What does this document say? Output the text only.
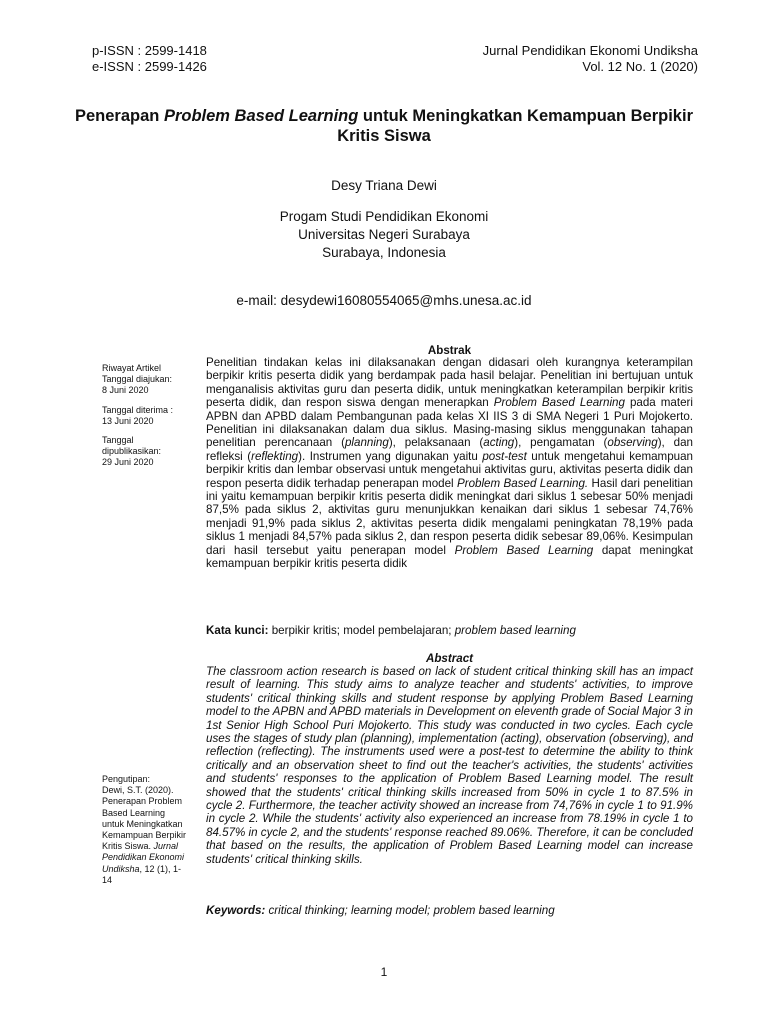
p-ISSN : 2599-1418
e-ISSN : 2599-1426
Jurnal Pendidikan Ekonomi Undiksha
Vol. 12 No. 1 (2020)
Penerapan Problem Based Learning untuk Meningkatkan Kemampuan Berpikir Kritis Siswa
Desy Triana Dewi
Progam Studi Pendidikan Ekonomi
Universitas Negeri Surabaya
Surabaya, Indonesia
e-mail: desydewi16080554065@mhs.unesa.ac.id
Riwayat Artikel
Tanggal diajukan:
8 Juni 2020
Tanggal diterima :
13 Juni 2020
Tanggal dipublikasikan:
29 Juni 2020
Pengutipan:
Dewi, S.T. (2020). Penerapan Problem Based Learning untuk Meningkatkan Kemampuan Berpikir Kritis Siswa. Jurnal Pendidikan Ekonomi Undiksha, 12 (1), 1-14
Abstrak
Penelitian tindakan kelas ini dilaksanakan dengan didasari oleh kurangnya keterampilan berpikir kritis peserta didik yang berdampak pada hasil belajar. Penelitian ini bertujuan untuk menganalisis aktivitas guru dan peserta didik, untuk meningkatkan keterampilan berpikir kritis peserta didik, dan respon siswa dengan menerapkan Problem Based Learning pada materi APBN dan APBD dalam Pembangunan pada kelas XI IIS 3 di SMA Negeri 1 Puri Mojokerto. Penelitian ini dilaksanakan dalam dua siklus. Masing-masing siklus menggunakan tahapan penelitian perencanaan (planning), pelaksanaan (acting), pengamatan (observing), dan refleksi (reflekting). Instrumen yang digunakan yaitu post-test untuk mengetahui kemampuan berpikir kritis dan lembar observasi untuk mengetahui aktivitas guru, aktivitas peserta didik dan respon peserta didik terhadap penerapan model Problem Based Learning. Hasil dari penelitian ini yaitu kemampuan berpikir kritis peserta didik meningkat dari siklus 1 sebesar 50% menjadi 87,5% pada siklus 2, aktivitas guru menunjukkan kenaikan dari siklus 1 sebesar 74,76% menjadi 91,9% pada siklus 2, aktivitas peserta didik mengalami peningkatan 78,19% pada siklus 1 menjadi 84,57% pada siklus 2, dan respon peserta didik sebesar 89,06%. Kesimpulan dari hasil tersebut yaitu penerapan model Problem Based Learning dapat meningkat kemampuan berpikir kritis peserta didik
Kata kunci: berpikir kritis; model pembelajaran; problem based learning
Abstract
The classroom action research is based on lack of student critical thinking skill has an impact result of learning. This study aims to analyze teacher and students' activities, to improve students' critical thinking skills and student response by applying Problem Based Learning model to the APBN and APBD materials in Development on eleventh grade of Social Major 3 in 1st Senior High School Puri Mojokerto. This study was conducted in two cycles. Each cycle uses the stages of study plan (planning), implementation (acting), observation (observing), and reflection (reflecting). The instruments used were a post-test to determine the ability to think critically and an observation sheet to find out the teacher's activities, the students' activities and students' responses to the application of Problem Based Learning model. The result showed that the students' critical thinking skills increased from 50% in cycle 1 to 87.5% in cycle 2. Furthermore, the teacher activity showed an increase from 74,76% in cycle 1 to 91.9% in cycle 2. While the students' activity also experienced an increase from 78.19% in cycle 1 to 84.57% in cycle 2, and the students' response reached 89.06%. Therefore, it can be concluded that based on the results, the application of Problem Based Learning model can increase students' critical thinking skills.
Keywords: critical thinking; learning model; problem based learning
1
